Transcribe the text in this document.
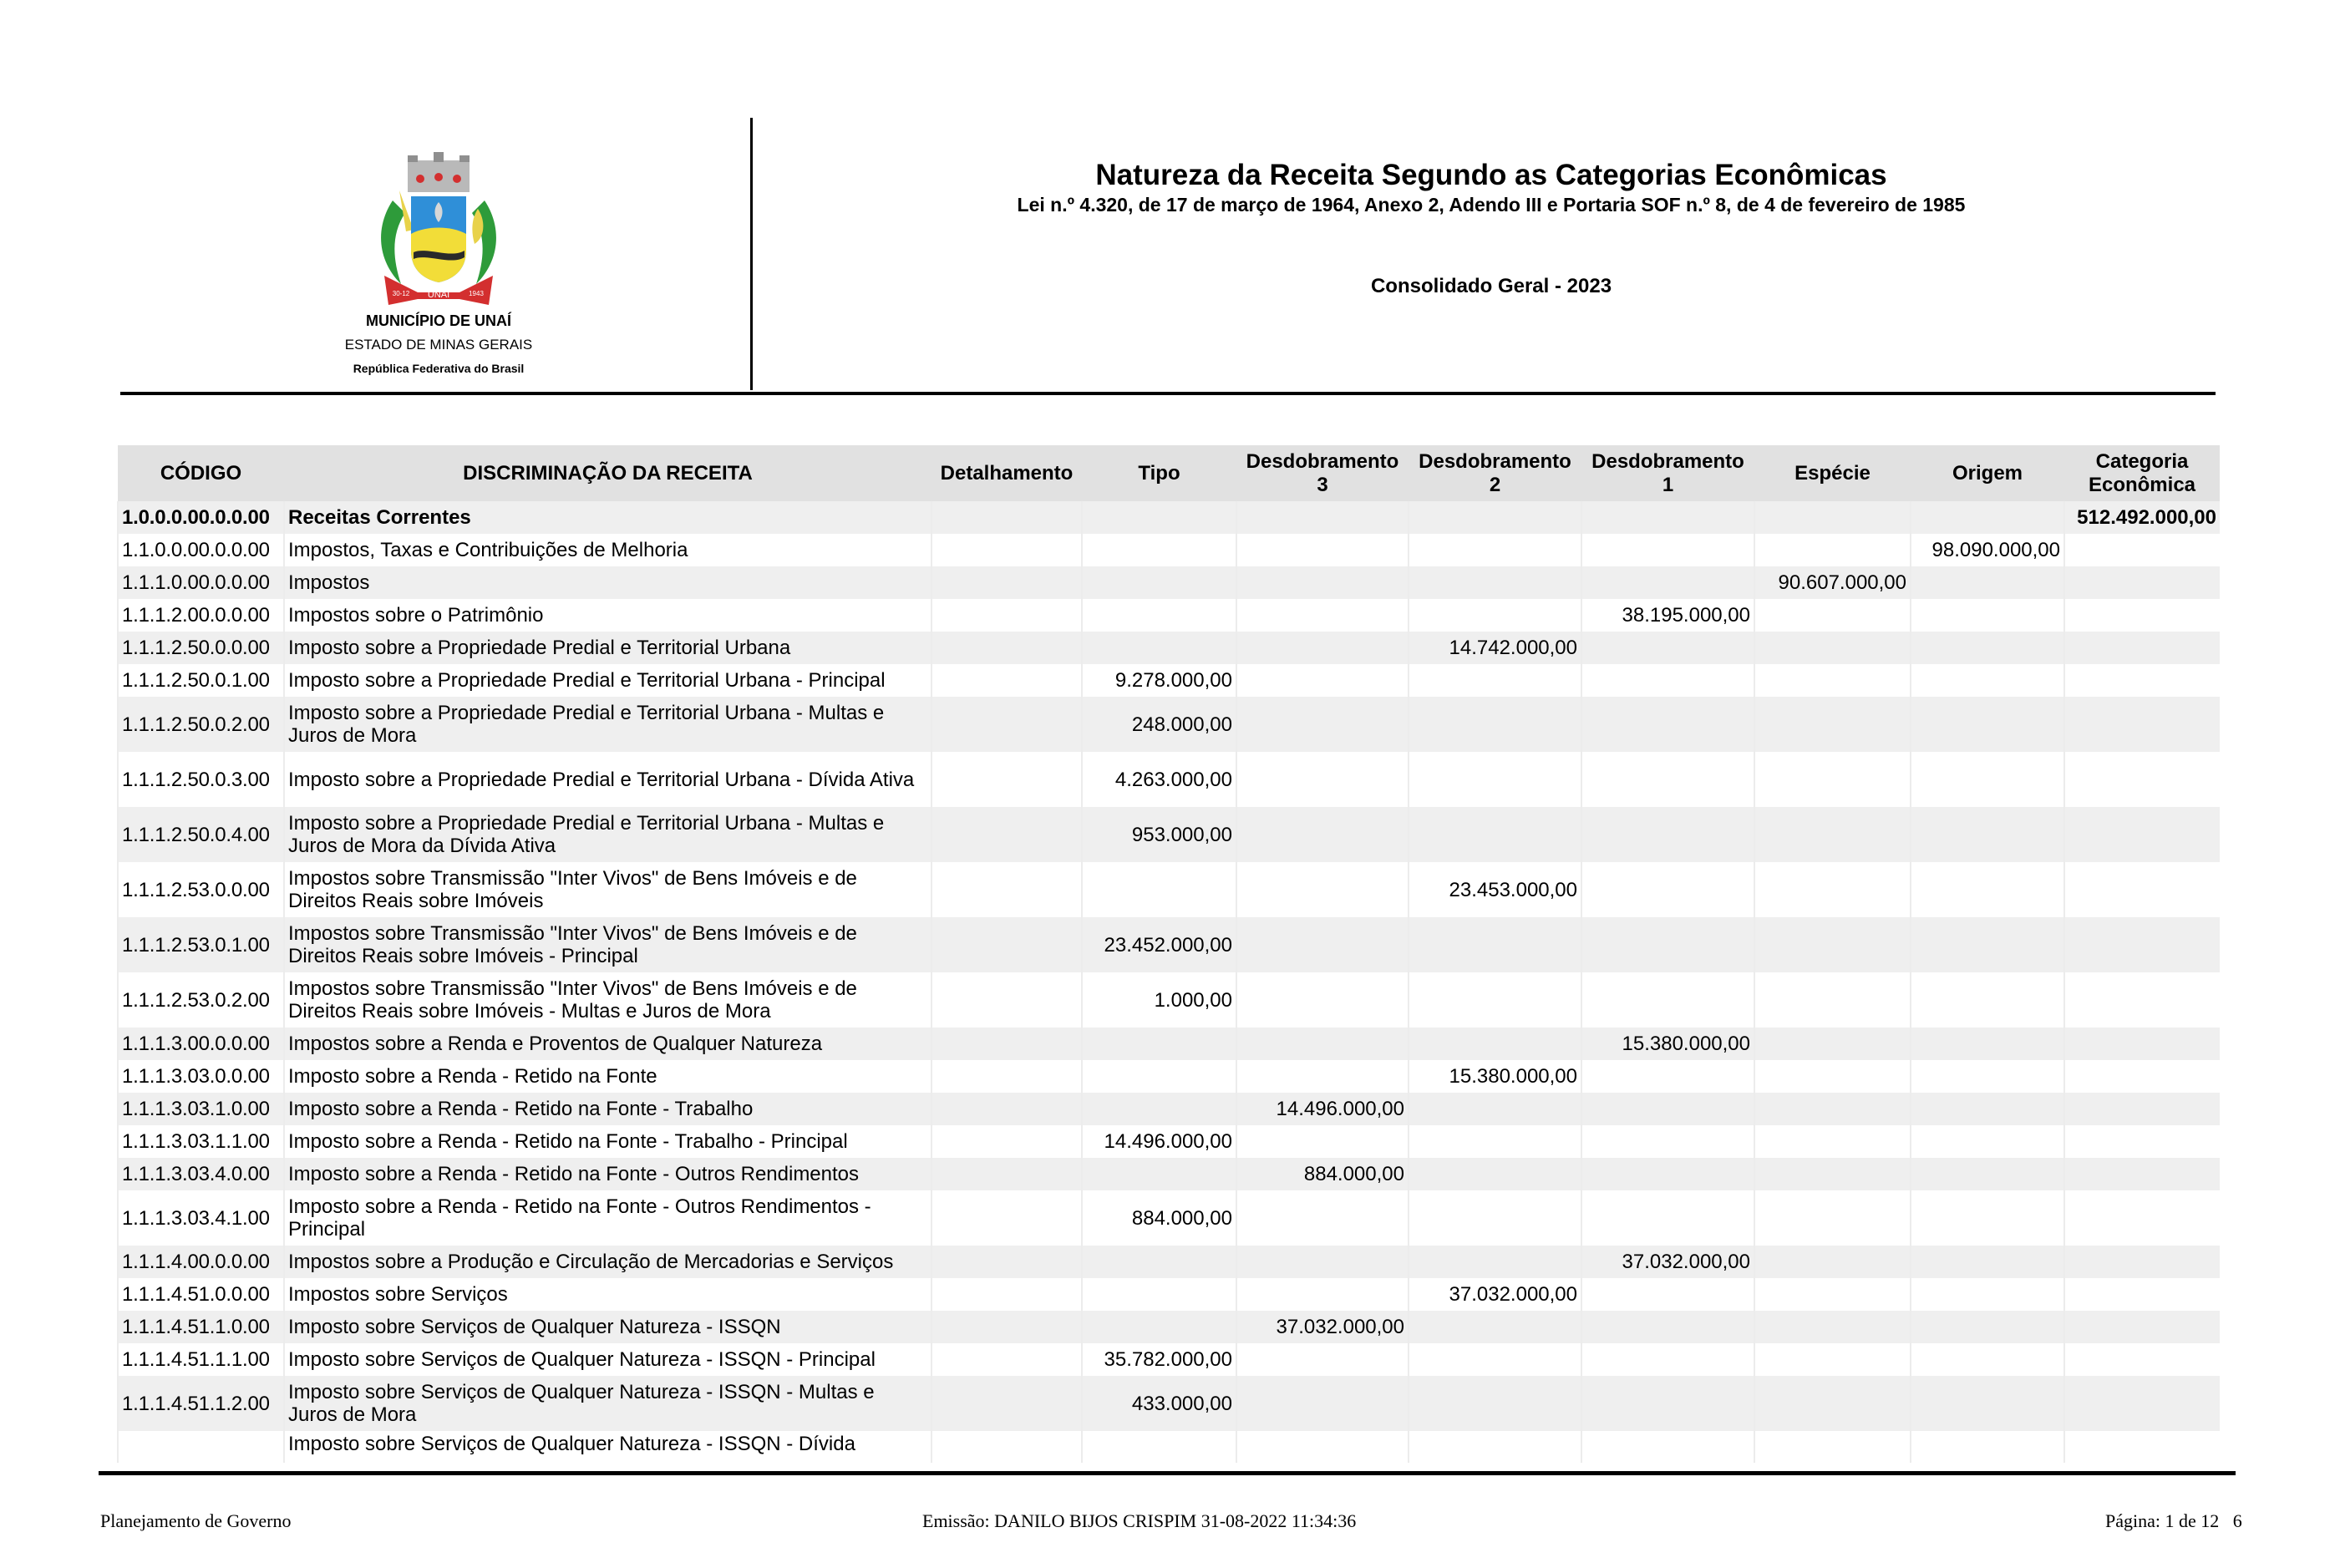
UNAÍ
30-12	1943
MUNICÍPIO DE UNAÍ
ESTADO DE MINAS GERAIS
República Federativa do Brasil
Natureza da Receita Segundo as Categorias Econômicas
Lei n.º 4.320, de 17 de março de 1964, Anexo 2, Adendo III e Portaria SOF n.º 8, de 4 de fevereiro de 1985
Consolidado Geral - 2023
CÓDIGO	DISCRIMINAÇÃO DA RECEITA	Detalhamento	Tipo	Desdobramento 3	Desdobramento 2	Desdobramento 1	Espécie	Origem	Categoria Econômica
1.0.0.0.00.0.0.00	Receitas Correntes								512.492.000,00
1.1.0.0.00.0.0.00	Impostos, Taxas e Contribuições de Melhoria							98.090.000,00	
1.1.1.0.00.0.0.00	Impostos						90.607.000,00		
1.1.1.2.00.0.0.00	Impostos sobre o Patrimônio					38.195.000,00			
1.1.1.2.50.0.0.00	Imposto sobre a Propriedade Predial e Territorial Urbana				14.742.000,00				
1.1.1.2.50.0.1.00	Imposto sobre a Propriedade Predial e Territorial Urbana - Principal		9.278.000,00						
1.1.1.2.50.0.2.00	Imposto sobre a Propriedade Predial e Territorial Urbana - Multas e Juros de Mora		248.000,00						
1.1.1.2.50.0.3.00	Imposto sobre a Propriedade Predial e Territorial Urbana - Dívida Ativa		4.263.000,00						
1.1.1.2.50.0.4.00	Imposto sobre a Propriedade Predial e Territorial Urbana - Multas e Juros de Mora da Dívida Ativa		953.000,00						
1.1.1.2.53.0.0.00	Impostos sobre Transmissão "Inter Vivos" de Bens Imóveis e de Direitos Reais sobre Imóveis				23.453.000,00				
1.1.1.2.53.0.1.00	Impostos sobre Transmissão "Inter Vivos" de Bens Imóveis e de Direitos Reais sobre Imóveis - Principal		23.452.000,00						
1.1.1.2.53.0.2.00	Impostos sobre Transmissão "Inter Vivos" de Bens Imóveis e de Direitos Reais sobre Imóveis - Multas e Juros de Mora		1.000,00						
1.1.1.3.00.0.0.00	Impostos sobre a Renda e Proventos de Qualquer Natureza					15.380.000,00			
1.1.1.3.03.0.0.00	Imposto sobre a Renda - Retido na Fonte				15.380.000,00				
1.1.1.3.03.1.0.00	Imposto sobre a Renda - Retido na Fonte - Trabalho			14.496.000,00					
1.1.1.3.03.1.1.00	Imposto sobre a Renda - Retido na Fonte - Trabalho - Principal		14.496.000,00						
1.1.1.3.03.4.0.00	Imposto sobre a Renda - Retido na Fonte - Outros Rendimentos			884.000,00					
1.1.1.3.03.4.1.00	Imposto sobre a Renda - Retido na Fonte - Outros Rendimentos - Principal		884.000,00						
1.1.1.4.00.0.0.00	Impostos sobre a Produção e Circulação de Mercadorias e Serviços					37.032.000,00			
1.1.1.4.51.0.0.00	Impostos sobre Serviços				37.032.000,00				
1.1.1.4.51.1.0.00	Imposto sobre Serviços de Qualquer Natureza - ISSQN			37.032.000,00					
1.1.1.4.51.1.1.00	Imposto sobre Serviços de Qualquer Natureza - ISSQN - Principal		35.782.000,00						
1.1.1.4.51.1.2.00	Imposto sobre Serviços de Qualquer Natureza - ISSQN - Multas e Juros de Mora		433.000,00						
	Imposto sobre Serviços de Qualquer Natureza - ISSQN - Dívida								
Planejamento de Governo	Emissão: DANILO BIJOS CRISPIM 31-08-2022 11:34:36	Página: 1 de 12   6
